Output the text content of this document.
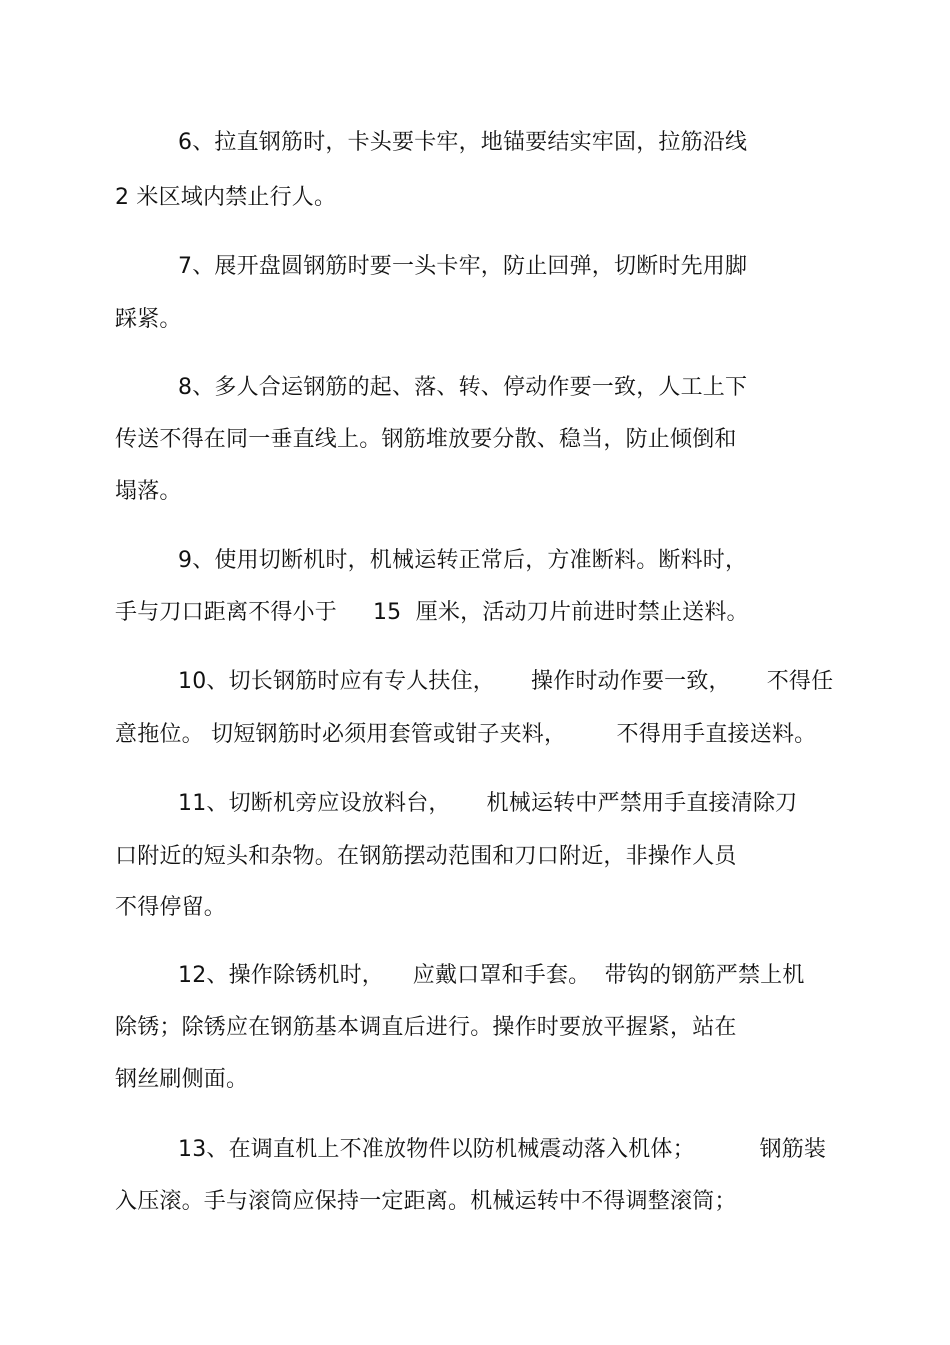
6、拉直钢筋时，卡头要卡牢，地锚要结实牢固，拉筋沿线
2 米区域内禁止行人。
7、展开盘圆钢筋时要一头卡牢，防止回弹，切断时先用脚
踩紧。
8、多人合运钢筋的起、落、转、停动作要一致，人工上下
传送不得在同一垂直线上。钢筋堆放要分散、稳当，防止倾倒和
塌落。
9、使用切断机时，机械运转正常后，方准断料。断料时，
手与刀口距离不得小于     15  厘米，活动刀片前进时禁止送料。
10、切长钢筋时应有专人扶住，     操作时动作要一致，     不得任
意拖位。 切短钢筋时必须用套管或钳子夹料，       不得用手直接送料。
11、切断机旁应设放料台，     机械运转中严禁用手直接清除刀
口附近的短头和杂物。在钢筋摆动范围和刀口附近，非操作人员
不得停留。
12、操作除锈机时，    应戴口罩和手套。  带钩的钢筋严禁上机
除锈；除锈应在钢筋基本调直后进行。操作时要放平握紧，站在
钢丝刷侧面。
13、在调直机上不准放物件以防机械震动落入机体；         钢筋装
入压滚。手与滚筒应保持一定距离。机械运转中不得调整滚筒；
